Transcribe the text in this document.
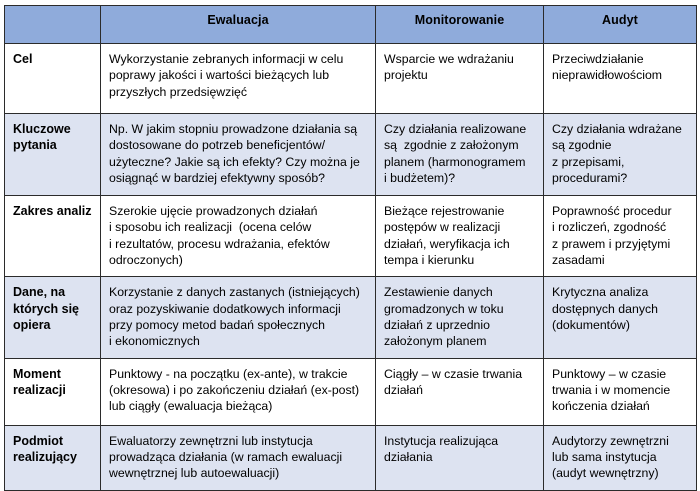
	Ewaluacja	Monitorowanie	Audyt
Cel	Wykorzystanie zebranych informacji w celu
poprawy jakości i wartości bieżących lub
przyszłych przedsięwzięć	Wsparcie we wdrażaniu
projektu	Przeciwdziałanie
nieprawidłowościom

Kluczowe pytania	Np. W jakim stopniu prowadzone działania są
dostosowane do potrzeb beneficjentów/
użyteczne? Jakie są ich efekty? Czy można je
osiągnąć w bardziej efektywny sposób?	Czy działania realizowane
są  zgodnie z założonym
planem (harmonogramem
i budżetem)?	Czy działania wdrażane
są zgodnie
z przepisami,
procedurami?

Zakres analiz	Szerokie ujęcie prowadzonych działań
i sposobu ich realizacji  (ocena celów
i rezultatów, procesu wdrażania, efektów
odroczonych)	Bieżące rejestrowanie
postępów w realizacji
działań, weryfikacja ich
tempa i kierunku	Poprawność procedur
i rozliczeń, zgodność
z prawem i przyjętymi
zasadami

Dane, na których się opiera	Korzystanie z danych zastanych (istniejących)
oraz pozyskiwanie dodatkowych informacji
przy pomocy metod badań społecznych
i ekonomicznych	Zestawienie danych
gromadzonych w toku
działań z uprzednio
założonym planem	Krytyczna analiza
dostępnych danych
(dokumentów)

Moment realizacji	Punktowy - na początku (ex-ante), w trakcie
(okresowa) i po zakończeniu działań (ex-post)
lub ciągły (ewaluacja bieżąca)	Ciągły – w czasie trwania
działań	Punktowy – w czasie
trwania i w momencie
kończenia działań

Podmiot realizujący	Ewaluatorzy zewnętrzni lub instytucja
prowadząca działania (w ramach ewaluacji
wewnętrznej lub autoewaluacji)	Instytucja realizująca
działania	Audytorzy zewnętrzni
lub sama instytucja
(audyt wewnętrzny)
